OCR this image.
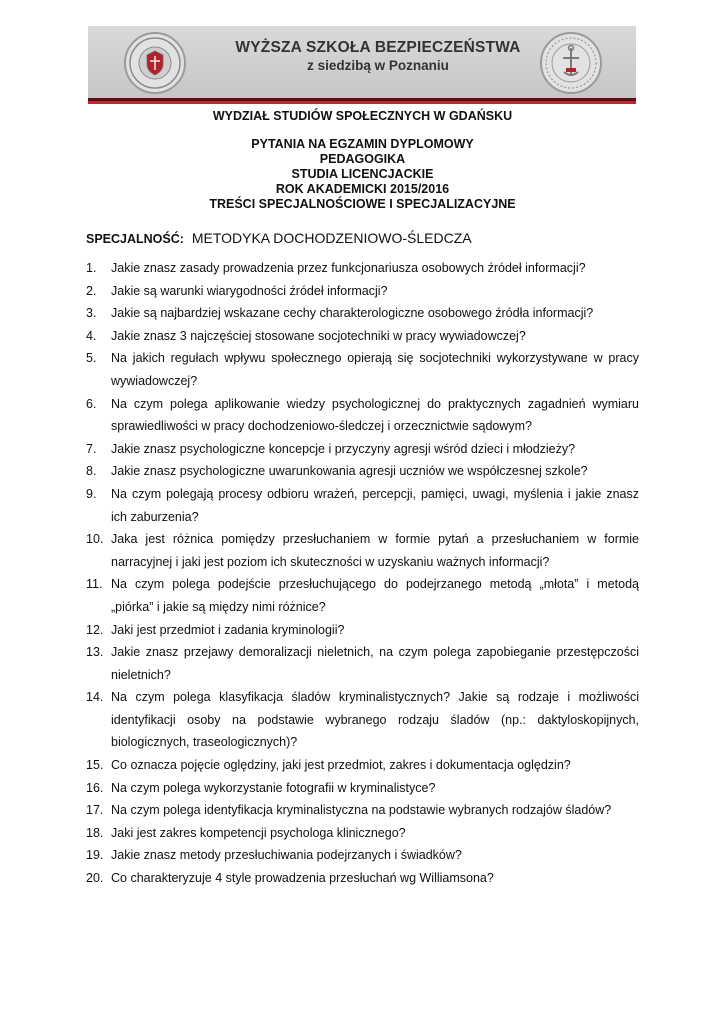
WYŻSZA SZKOŁA BEZPIECZEŃSTWA
z siedzibą w Poznaniu
WYDZIAŁ STUDIÓW SPOŁECZNYCH W GDAŃSKU
PYTANIA NA EGZAMIN DYPLOMOWY
PEDAGOGIKA
STUDIA LICENCJACKIE
ROK AKADEMICKI 2015/2016
TREŚCI SPECJALNOŚCIOWE I SPECJALIZACYJNE
SPECJALNOŚĆ: METODYKA DOCHODZENIOWO-ŚLEDCZA
1.	Jakie znasz zasady prowadzenia przez funkcjonariusza osobowych źródeł informacji?
2.	Jakie są warunki wiarygodności źródeł informacji?
3.	Jakie są najbardziej wskazane cechy charakterologiczne osobowego źródła informacji?
4.	Jakie znasz 3 najczęściej stosowane socjotechniki w pracy wywiadowczej?
5.	Na jakich regułach wpływu społecznego opierają się socjotechniki wykorzystywane w pracy wywiadowczej?
6.	Na czym polega aplikowanie wiedzy psychologicznej do praktycznych zagadnień wymiaru sprawiedliwości w pracy dochodzeniowo-śledczej i orzecznictwie sądowym?
7.	Jakie znasz psychologiczne koncepcje i przyczyny agresji wśród dzieci i młodzieży?
8.	Jakie znasz psychologiczne uwarunkowania agresji uczniów we współczesnej szkole?
9.	Na czym polegają procesy odbioru wrażeń, percepcji, pamięci, uwagi, myślenia i jakie znasz ich zaburzenia?
10. Jaka jest różnica pomiędzy przesłuchaniem w formie pytań a przesłuchaniem w formie narracyjnej i jaki jest poziom ich skuteczności w uzyskaniu ważnych informacji?
11. Na czym polega podejście przesłuchującego do podejrzanego metodą „młota” i metodą „piórka” i jakie są między nimi różnice?
12. Jaki jest przedmiot i zadania kryminologii?
13. Jakie znasz przejawy demoralizacji nieletnich, na czym polega zapobieganie przestępczości nieletnich?
14. Na czym polega klasyfikacja śladów kryminalistycznych? Jakie są rodzaje i możliwości identyfikacji osoby na podstawie wybranego rodzaju śladów (np.: daktyloskopijnych, biologicznych, traseologicznych)?
15. Co oznacza pojęcie oględziny, jaki jest przedmiot, zakres i dokumentacja oględzin?
16. Na czym polega wykorzystanie fotografii w kryminalistyce?
17. Na czym polega identyfikacja kryminalistyczna na podstawie wybranych rodzajów śladów?
18. Jaki jest zakres kompetencji psychologa klinicznego?
19. Jakie znasz metody przesłuchiwania podejrzanych i świadków?
20. Co charakteryzuje 4 style prowadzenia przesłuchań wg Williamsona?
